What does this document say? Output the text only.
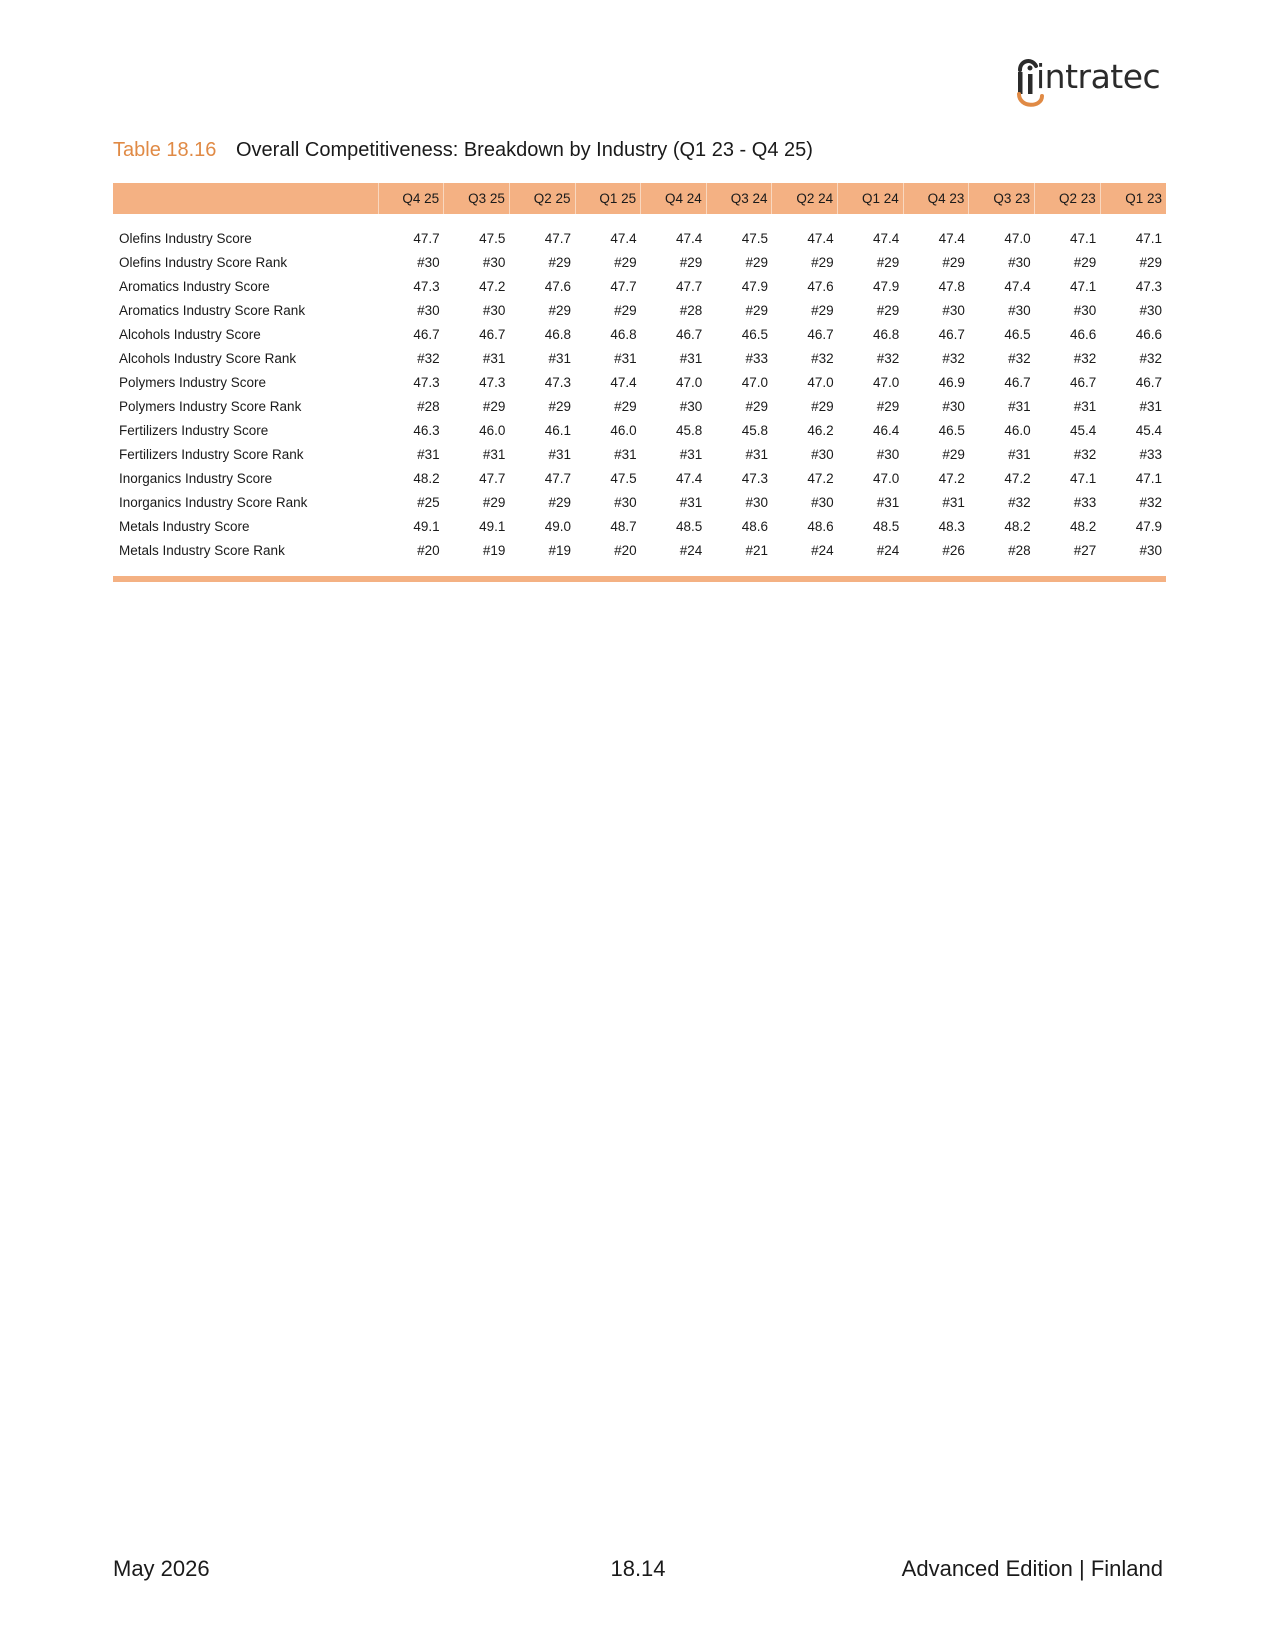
intratec
Table 18.16 Overall Competitiveness: Breakdown by Industry (Q1 23 - Q4 25)
	Q4 25	Q3 25	Q2 25	Q1 25	Q4 24	Q3 24	Q2 24	Q1 24	Q4 23	Q3 23	Q2 23	Q1 23

Olefins Industry Score	47.7	47.5	47.7	47.4	47.4	47.5	47.4	47.4	47.4	47.0	47.1	47.1
Olefins Industry Score Rank	#30	#30	#29	#29	#29	#29	#29	#29	#29	#30	#29	#29
Aromatics Industry Score	47.3	47.2	47.6	47.7	47.7	47.9	47.6	47.9	47.8	47.4	47.1	47.3
Aromatics Industry Score Rank	#30	#30	#29	#29	#28	#29	#29	#29	#30	#30	#30	#30
Alcohols Industry Score	46.7	46.7	46.8	46.8	46.7	46.5	46.7	46.8	46.7	46.5	46.6	46.6
Alcohols Industry Score Rank	#32	#31	#31	#31	#31	#33	#32	#32	#32	#32	#32	#32
Polymers Industry Score	47.3	47.3	47.3	47.4	47.0	47.0	47.0	47.0	46.9	46.7	46.7	46.7
Polymers Industry Score Rank	#28	#29	#29	#29	#30	#29	#29	#29	#30	#31	#31	#31
Fertilizers Industry Score	46.3	46.0	46.1	46.0	45.8	45.8	46.2	46.4	46.5	46.0	45.4	45.4
Fertilizers Industry Score Rank	#31	#31	#31	#31	#31	#31	#30	#30	#29	#31	#32	#33
Inorganics Industry Score	48.2	47.7	47.7	47.5	47.4	47.3	47.2	47.0	47.2	47.2	47.1	47.1
Inorganics Industry Score Rank	#25	#29	#29	#30	#31	#30	#30	#31	#31	#32	#33	#32
Metals Industry Score	49.1	49.1	49.0	48.7	48.5	48.6	48.6	48.5	48.3	48.2	48.2	47.9
Metals Industry Score Rank	#20	#19	#19	#20	#24	#21	#24	#24	#26	#28	#27	#30
May 2026	18.14	Advanced Edition | Finland
